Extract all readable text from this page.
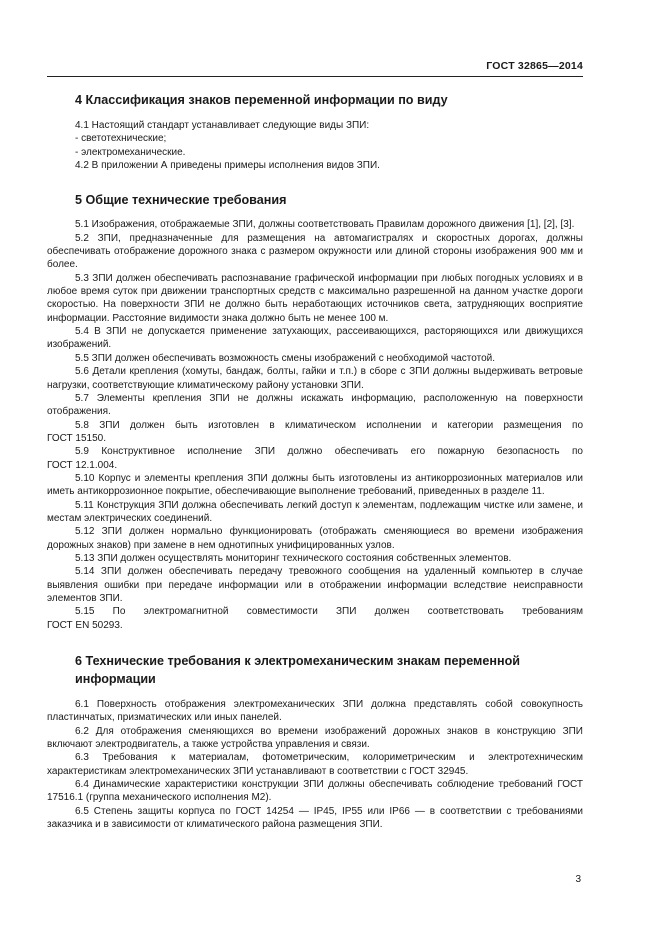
ГОСТ 32865—2014
4 Классификация знаков переменной информации по виду

4.1 Настоящий стандарт устанавливает следующие виды ЗПИ:

- светотехнические;

- электромеханические.

4.2 В приложении А приведены примеры исполнения видов ЗПИ.

5 Общие технические требования

5.1 Изображения, отображаемые ЗПИ, должны соответствовать Правилам дорожного движения [1], [2], [3].

5.2 ЗПИ, предназначенные для размещения на автомагистралях и скоростных дорогах, должны обеспечивать отображение дорожного знака с размером окружности или длиной стороны изображения 900 мм и более.

5.3 ЗПИ должен обеспечивать распознавание графической информации при любых погодных условиях и в любое время суток при движении транспортных средств с максимально разрешенной на данном участке дороги скоростью. На поверхности ЗПИ не должно быть неработающих источников света, затрудняющих восприятие информации. Расстояние видимости знака должно быть не менее 100 м.

5.4 В ЗПИ не допускается применение затухающих, рассеивающихся, расторяющихся или движущихся изображений.

5.5 ЗПИ должен обеспечивать возможность смены изображений с необходимой частотой.

5.6 Детали крепления (хомуты, бандаж, болты, гайки и т.п.) в сборе с ЗПИ должны выдерживать ветровые нагрузки, соответствующие климатическому району установки ЗПИ.

5.7 Элементы крепления ЗПИ не должны искажать информацию, расположенную на поверхности отображения.

5.8 ЗПИ должен быть изготовлен в климатическом исполнении и категории размещения по

ГОСТ 15150.

5.9 Конструктивное исполнение ЗПИ должно обеспечивать его пожарную безопасность по

ГОСТ 12.1.004.

5.10 Корпус и элементы крепления ЗПИ должны быть изготовлены из антикоррозионных материалов или иметь антикоррозионное покрытие, обеспечивающие выполнение требований, приведенных в разделе 11.

5.11 Конструкция ЗПИ должна обеспечивать легкий доступ к элементам, подлежащим чистке или замене, и местам электрических соединений.

5.12 ЗПИ должен нормально функционировать (отображать сменяющиеся во времени изображения дорожных знаков) при замене в нем однотипных унифицированных узлов.

5.13 ЗПИ должен осуществлять мониторинг технического состояния собственных элементов.

5.14 ЗПИ должен обеспечивать передачу тревожного сообщения на удаленный компьютер в случае выявления ошибки при передаче информации или в отображении информации вследствие неисправности элементов ЗПИ.

5.15 По электромагнитной совместимости ЗПИ должен соответствовать требованиям

ГОСТ EN 50293.

6 Технические требования к электромеханическим знакам переменной информации

6.1 Поверхность отображения электромеханических ЗПИ должна представлять собой совокупность пластинчатых, призматических или иных панелей.

6.2 Для отображения сменяющихся во времени изображений дорожных знаков в конструкцию ЗПИ включают электродвигатель, а также устройства управления и связи.

6.3 Требования к материалам, фотометрическим, колориметрическим и электротехническим характеристикам электромеханических ЗПИ устанавливают в соответствии с ГОСТ 32945.

6.4 Динамические характеристики конструкции ЗПИ должны обеспечивать соблюдение требований ГОСТ 17516.1 (группа механического исполнения М2).

6.5 Степень защиты корпуса по ГОСТ 14254 — IP45, IP55 или IP66 — в соответствии с требованиями заказчика и в зависимости от климатического района размещения ЗПИ.

3
